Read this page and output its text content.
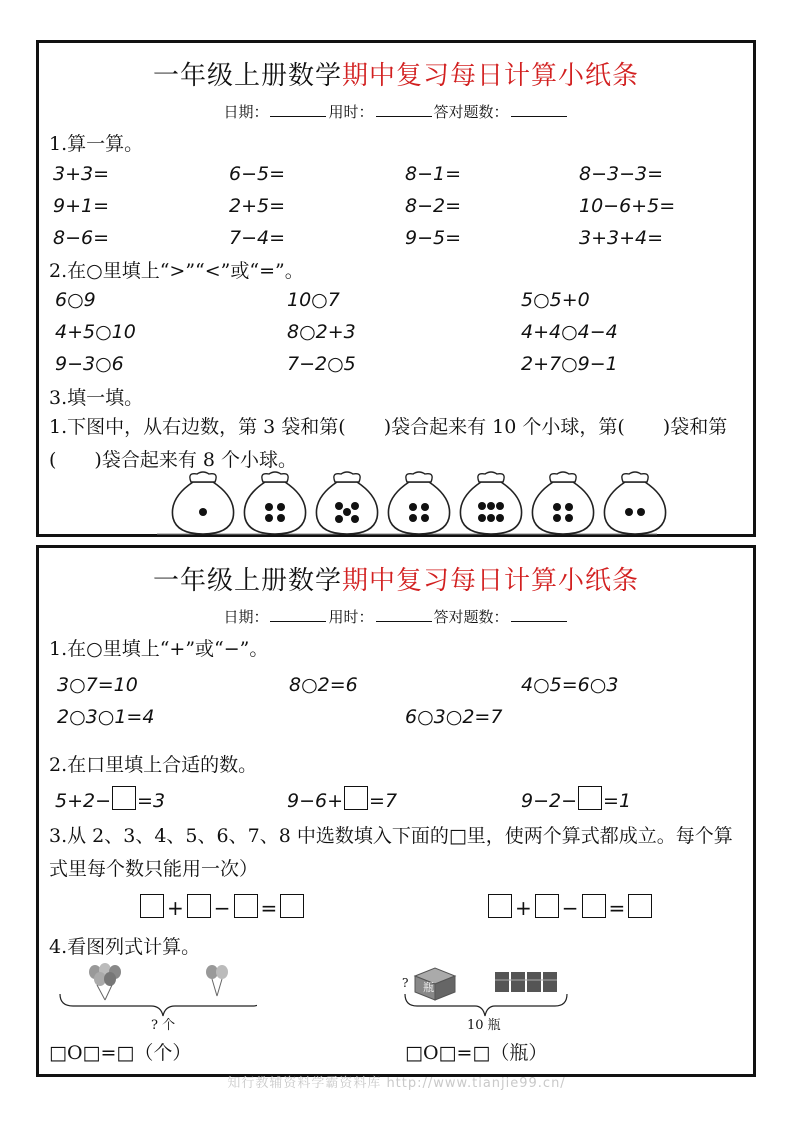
一年级上册数学期中复习每日计算小纸条
日期：	用时：	答对题数：
1.算一算。
3+3=	6−5=	8−1=	8−3−3=
9+1=	2+5=	8−2=	10−6+5=
8−6=	7−4=	9−5=	3+3+4=
2.在○里填上“>”“<”或“=”。
6○9	10○7	5○5+0
4+5○10	8○2+3	4+4○4−4
9−3○6	7−2○5	2+7○9−1
3.填一填。
1.下图中，从右边数，第 3 袋和第(　　)袋合起来有 10 个小球，第(　　)袋和第(　　)袋合起来有 8 个小球。
一年级上册数学期中复习每日计算小纸条
日期：	用时：	答对题数：
1.在○里填上“+”或“−”。
3○7=10	8○2=6	4○5=6○3
2○3○1=4	6○3○2=7
2.在口里填上合适的数。
5+2− =3	9−6+ =7	9−2− =1
3.从 2、3、4、5、6、7、8 中选数填入下面的□里，使两个算式都成立。每个算式里每个数只能用一次）
+ − =	+ − =
4.看图列式计算。
? 个
? 瓶
10 瓶
□O□=□（个）	□O□=□（瓶）
知行教辅资料学霸资料库 http://www.tianjie99.cn/
